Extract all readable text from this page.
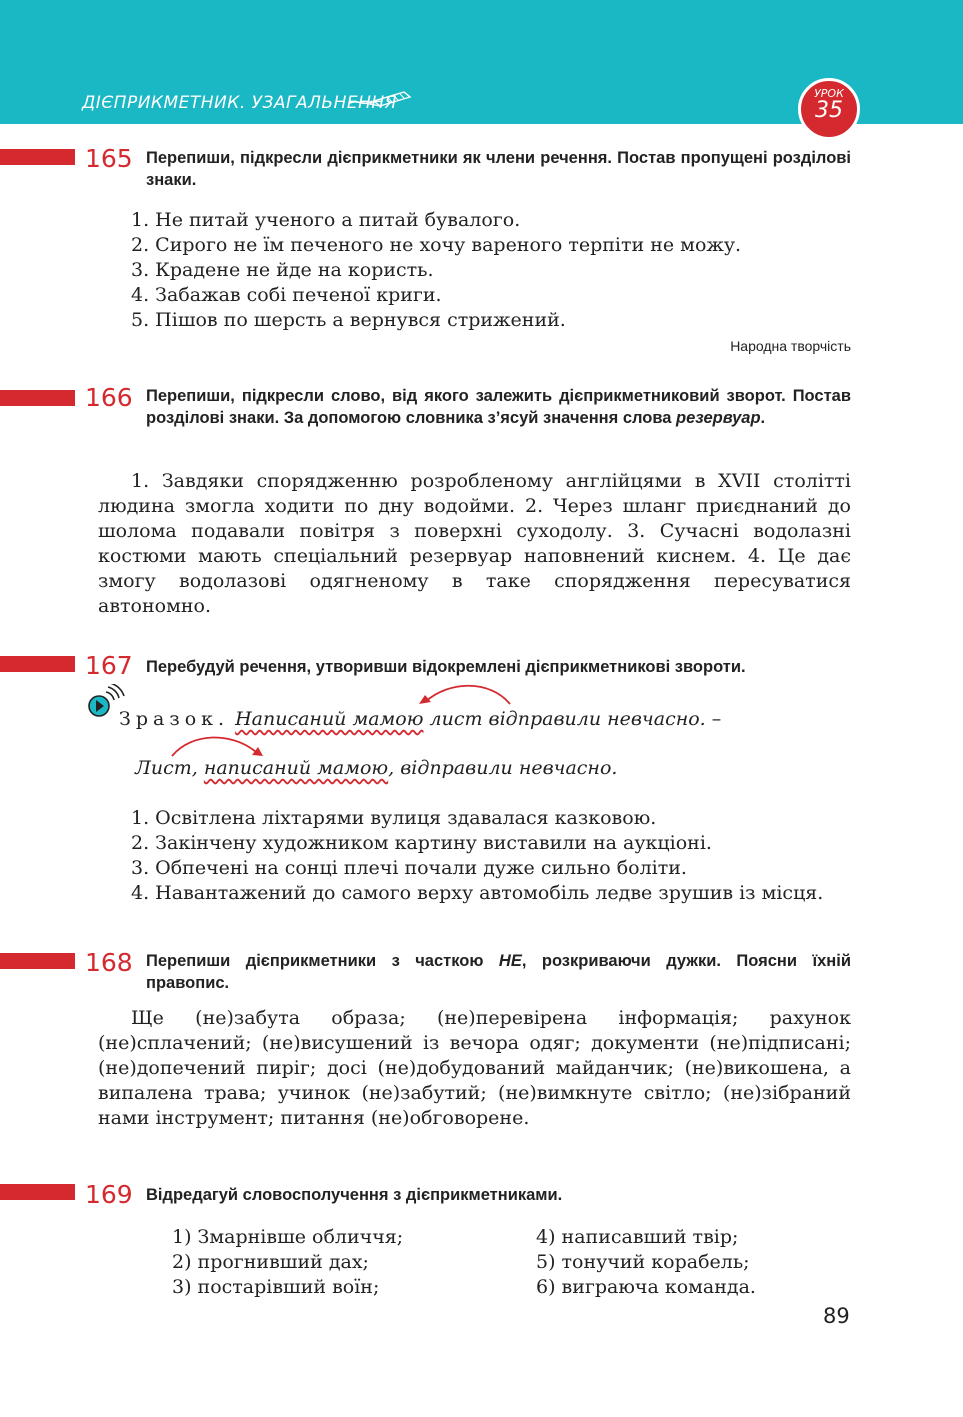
ДІЄПРИКМЕТНИК. УЗАГАЛЬНЕННЯ	УРОК
35
165 Перепиши, підкресли дієприкметники як члени речення. Постав пропущені розділові знаки.
1. Не питай ученого а питай бувалого.
2. Сирого не їм печеного не хочу вареного терпіти не можу.
3. Крадене не йде на користь.
4. Забажав собі печеної криги.
5. Пішов по шерсть а вернувся стрижений.
Народна творчість
166 Перепиши, підкресли слово, від якого залежить дієприкметниковий зворот. Постав розділові знаки. За допомогою словника з’ясуй значення слова резервуар.
1. Завдяки спорядженню розробленому англійцями в XVII столітті людина змогла ходити по дну водойми. 2. Через шланг приєднаний до шолома подавали повітря з поверхні суходолу. 3. Сучасні водолазні костюми мають спеціальний резервуар наповнений киснем. 4. Це дає змогу водолазові одягненому в таке спорядження пересуватися автономно.
167 Перебудуй речення, утворивши відокремлені дієприкметникові звороти.
Зразок. Написаний мамою лист відправили невчасно. –
Лист, написаний мамою, відправили невчасно.
1. Освітлена ліхтарями вулиця здавалася казковою.
2. Закінчену художником картину виставили на аукціоні.
3. Обпечені на сонці плечі почали дуже сильно боліти.
4. Навантажений до самого верху автомобіль ледве зрушив із місця.
168 Перепиши дієприкметники з часткою НЕ, розкриваючи дужки. Поясни їхній правопис.
Ще (не)забута образа; (не)перевірена інформація; рахунок (не)сплачений; (не)висушений із вечора одяг; документи (не)підписані; (не)допечений пиріг; досі (не)добудований майданчик; (не)викошена, а випалена трава; учинок (не)забутий; (не)вимкнуте світло; (не)зібраний нами інструмент; питання (не)обговорене.
169 Відредагуй словосполучення з дієприкметниками.
1) Змарнівше обличчя;
2) прогнивший дах;
3) постарівший воїн;
4) написавший твір;
5) тонучий корабель;
6) виграюча команда.
89
